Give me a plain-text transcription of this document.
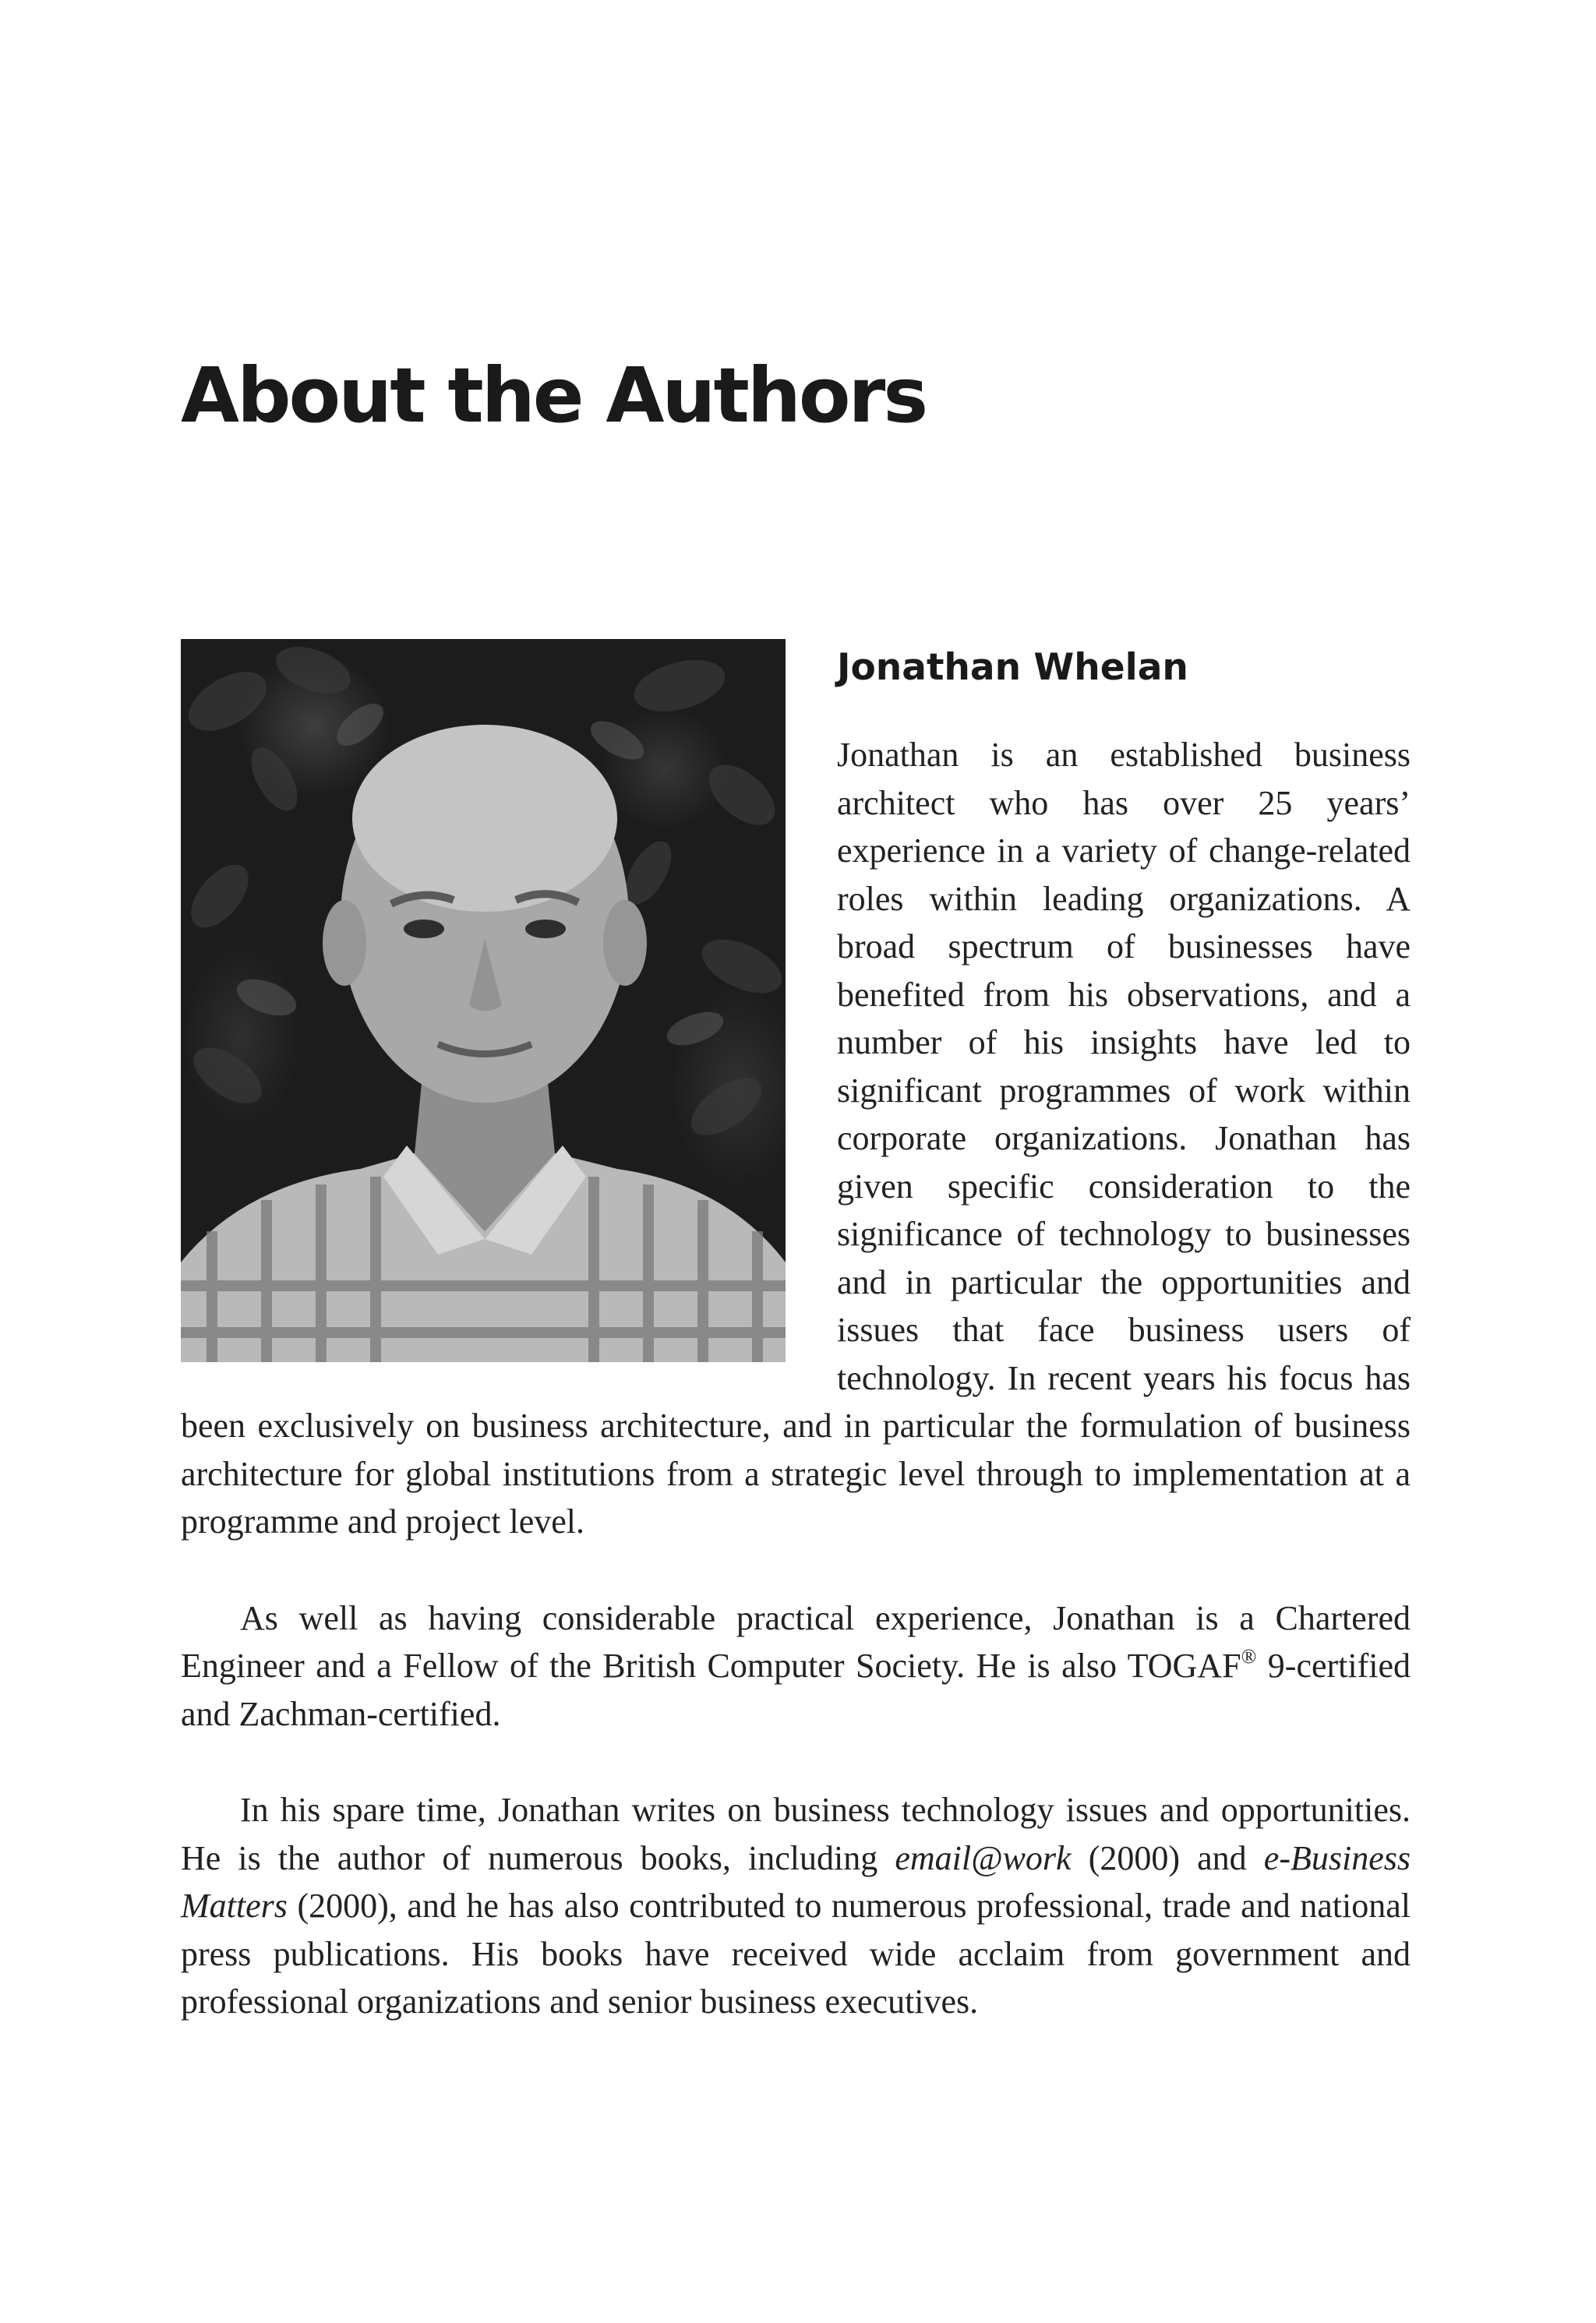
About the Authors
Jonathan Whelan

Jonathan is an established business architect who has over 25 years’ experience in a variety of change-related roles within leading organizations. A broad spectrum of businesses have benefited from his observations, and a number of his insights have led to significant programmes of work within corporate organizations. Jonathan has given specific consideration to the significance of technology to businesses and in particular the opportunities and issues that face business users of technology. In recent years his focus has been exclusively on business architecture, and in particular the formulation of business architecture for global institutions from a strategic level through to implementation at a programme and project level.

As well as having considerable practical experience, Jonathan is a Chartered Engineer and a Fellow of the British Computer Society. He is also TOGAF® 9-certified and Zachman-certified.

In his spare time, Jonathan writes on business technology issues and opportunities. He is the author of numerous books, including email@work (2000) and e-Business Matters (2000), and he has also contributed to numerous professional, trade and national press publications. His books have received wide acclaim from government and professional organizations and senior business executives.
